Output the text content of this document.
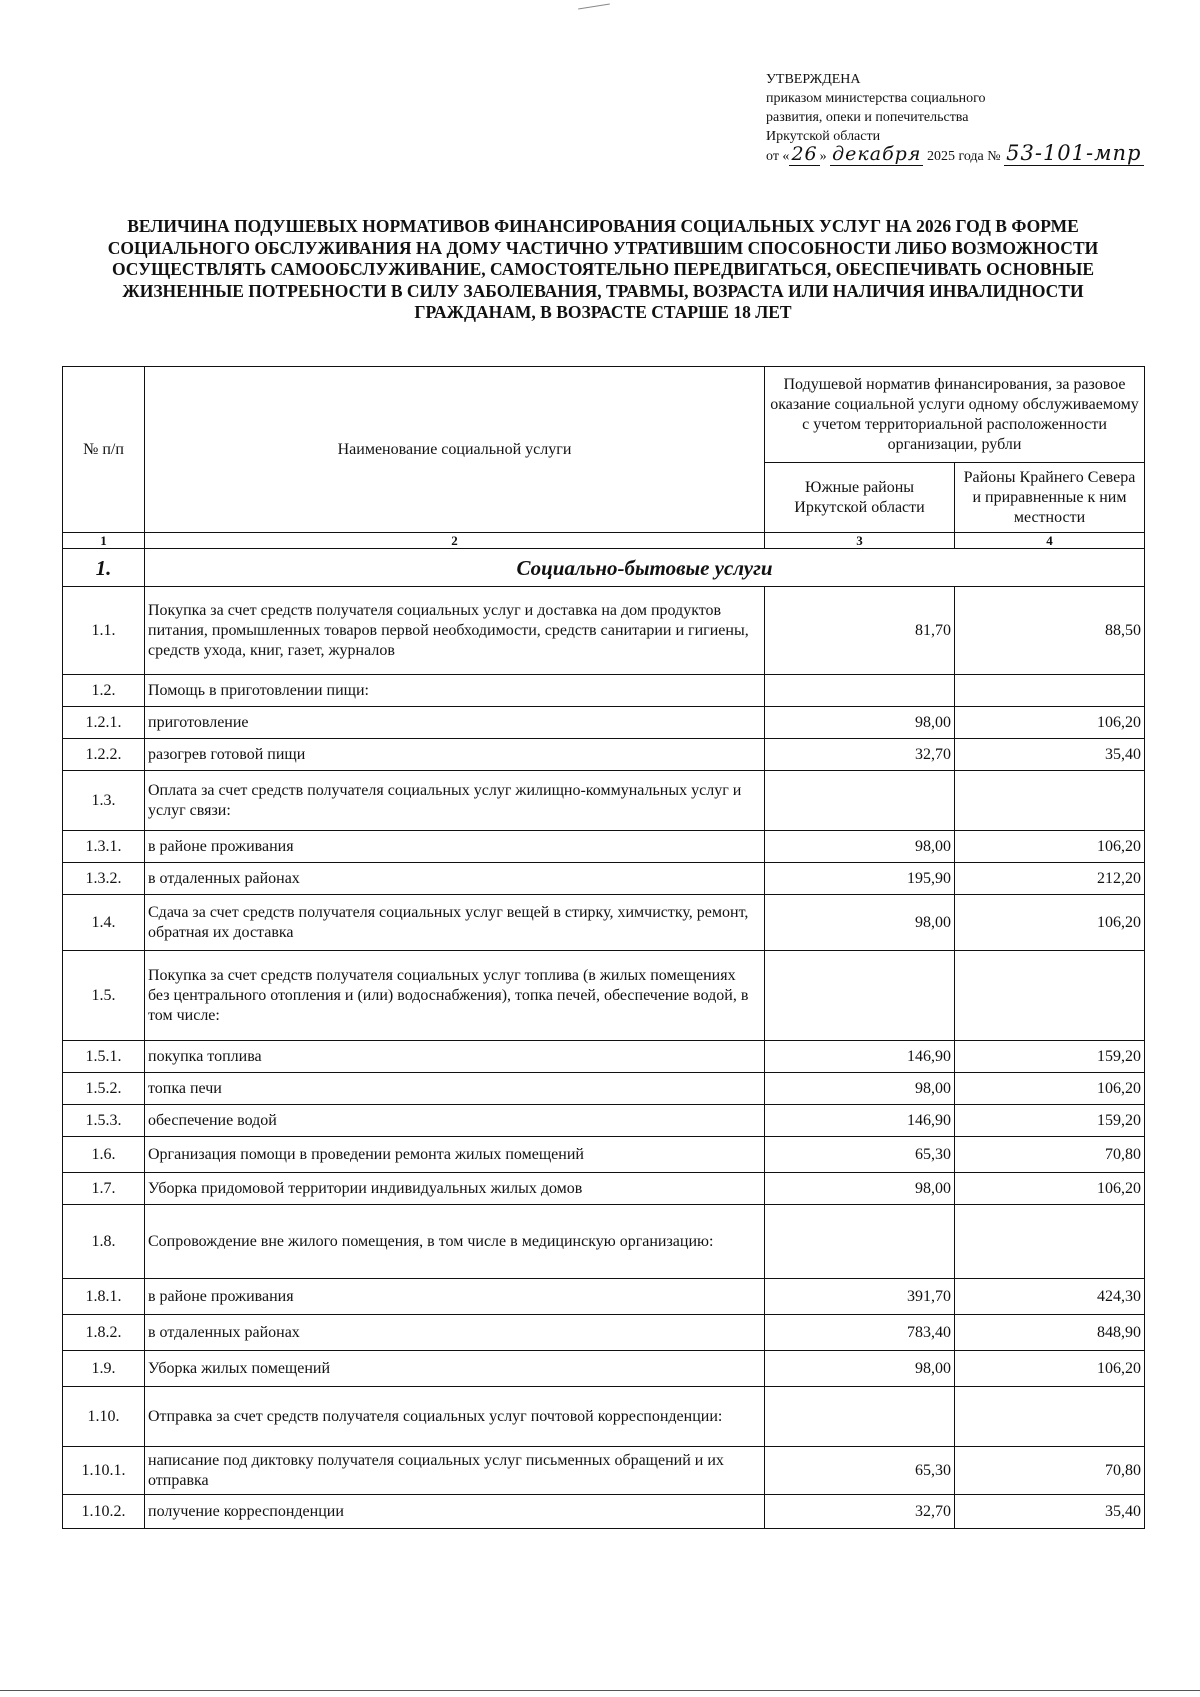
УТВЕРЖДЕНА
приказом министерства социального
развития, опеки и попечительства
Иркутской области
от « 26 » декабря 2025 года № 53-101-мпр
ВЕЛИЧИНА ПОДУШЕВЫХ НОРМАТИВОВ ФИНАНСИРОВАНИЯ СОЦИАЛЬНЫХ УСЛУГ НА 2026 ГОД В ФОРМЕ СОЦИАЛЬНОГО ОБСЛУЖИВАНИЯ НА ДОМУ ЧАСТИЧНО УТРАТИВШИМ СПОСОБНОСТИ ЛИБО ВОЗМОЖНОСТИ ОСУЩЕСТВЛЯТЬ САМООБСЛУЖИВАНИЕ, САМОСТОЯТЕЛЬНО ПЕРЕДВИГАТЬСЯ, ОБЕСПЕЧИВАТЬ ОСНОВНЫЕ ЖИЗНЕННЫЕ ПОТРЕБНОСТИ В СИЛУ ЗАБОЛЕВАНИЯ, ТРАВМЫ, ВОЗРАСТА ИЛИ НАЛИЧИЯ ИНВАЛИДНОСТИ ГРАЖДАНАМ, В ВОЗРАСТЕ СТАРШЕ 18 ЛЕТ
№ п/п	Наименование социальной услуги	Подушевой норматив финансирования, за разовое оказание социальной услуги одному обслуживаемому с учетом территориальной расположенности организации, рубли	
		Южные районы Иркутской области	Районы Крайнего Севера и приравненные к ним местности
1	2	3	4
1.	Социально-бытовые услуги		
1.1.	Покупка за счет средств получателя социальных услуг и доставка на дом продуктов питания, промышленных товаров первой необходимости, средств санитарии и гигиены, средств ухода, книг, газет, журналов	81,70	88,50
1.2.	Помощь в приготовлении пищи:		
1.2.1.	приготовление	98,00	106,20
1.2.2.	разогрев готовой пищи	32,70	35,40
1.3.	Оплата за счет средств получателя социальных услуг жилищно-коммунальных услуг и услуг связи:		
1.3.1.	в районе проживания	98,00	106,20
1.3.2.	в отдаленных районах	195,90	212,20
1.4.	Сдача за счет средств получателя социальных услуг вещей в стирку, химчистку, ремонт, обратная их доставка	98,00	106,20
1.5.	Покупка за счет средств получателя социальных услуг топлива (в жилых помещениях без центрального отопления и (или) водоснабжения), топка печей, обеспечение водой, в том числе:		
1.5.1.	покупка топлива	146,90	159,20
1.5.2.	топка печи	98,00	106,20
1.5.3.	обеспечение водой	146,90	159,20
1.6.	Организация помощи в проведении ремонта жилых помещений	65,30	70,80
1.7.	Уборка придомовой территории индивидуальных жилых домов	98,00	106,20
1.8.	Сопровождение вне жилого помещения, в том числе в медицинскую организацию:		
1.8.1.	в районе проживания	391,70	424,30
1.8.2.	в отдаленных районах	783,40	848,90
1.9.	Уборка жилых помещений	98,00	106,20
1.10.	Отправка за счет средств получателя социальных услуг почтовой корреспонденции:		
1.10.1.	написание под диктовку получателя социальных услуг письменных обращений и их отправка	65,30	70,80
1.10.2.	получение корреспонденции	32,70	35,40
